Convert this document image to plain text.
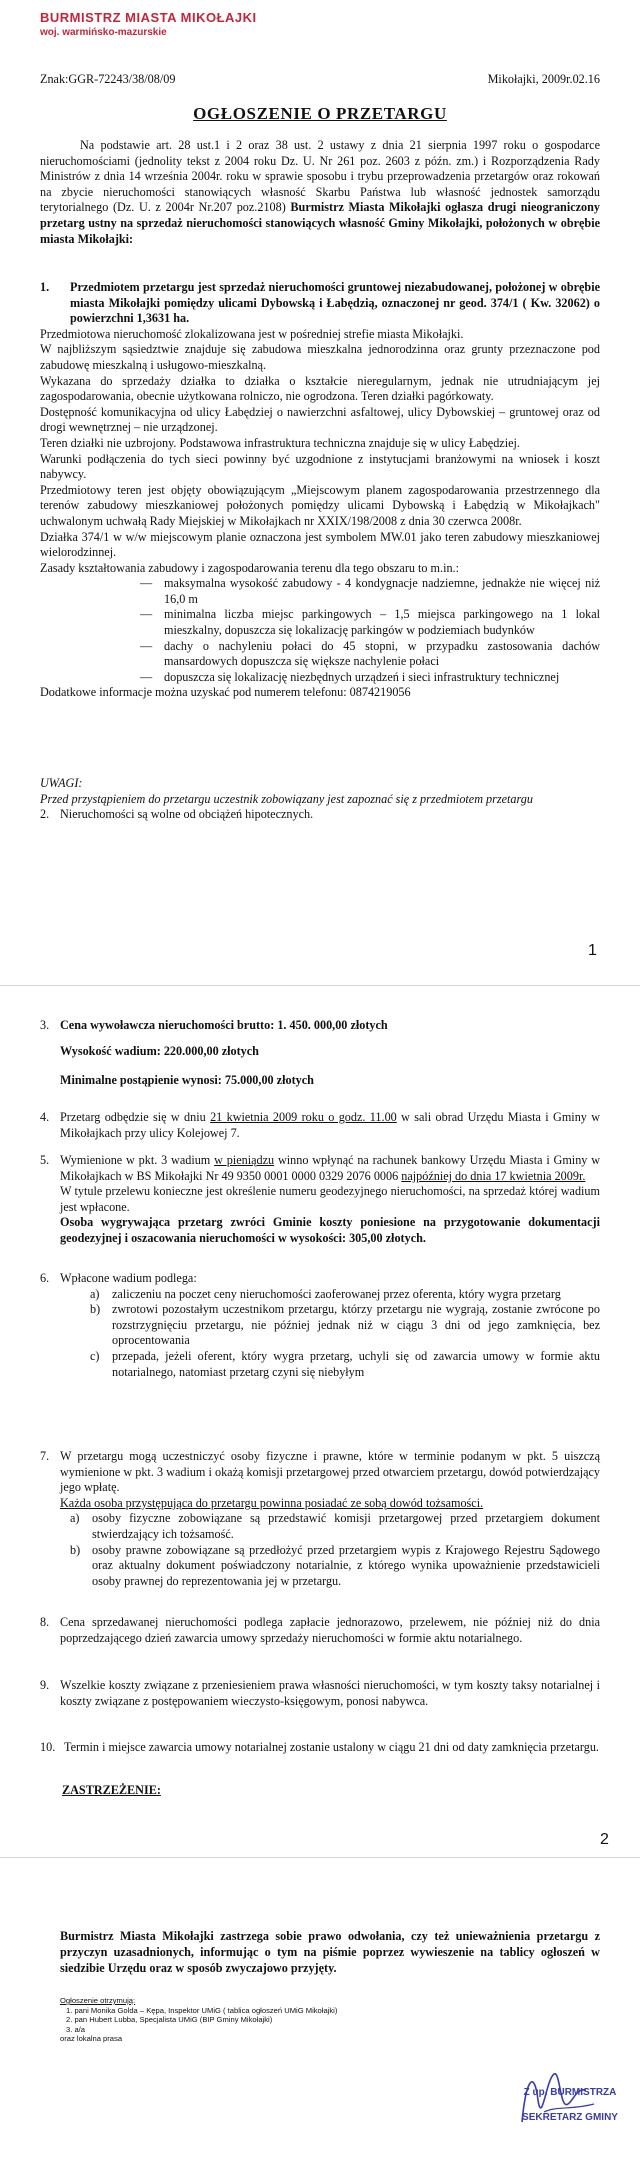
BURMISTRZ MIASTA MIKOŁAJKI
woj. warmińsko-mazurskie
Znak:GGR-72243/38/08/09	Mikołajki, 2009r.02.16
OGŁOSZENIE O PRZETARGU
Na podstawie art. 28 ust.1 i 2 oraz 38 ust. 2 ustawy z dnia 21 sierpnia 1997 roku o gospodarce nieruchomościami (jednolity tekst z 2004 roku Dz. U. Nr 261 poz. 2603 z późn. zm.) i Rozporządzenia Rady Ministrów z dnia 14 września 2004r. roku w sprawie sposobu i trybu przeprowadzenia przetargów oraz rokowań na zbycie nieruchomości stanowiących własność Skarbu Państwa lub własność jednostek samorządu terytorialnego (Dz. U. z 2004r Nr.207 poz.2108) Burmistrz Miasta Mikołajki ogłasza drugi nieograniczony przetarg ustny na sprzedaż nieruchomości stanowiących własność Gminy Mikołajki, położonych w obrębie miasta Mikołajki:
1. Przedmiotem przetargu jest sprzedaż nieruchomości gruntowej niezabudowanej, położonej w obrębie miasta Mikołajki pomiędzy ulicami Dybowską i Łabędzią, oznaczonej nr geod. 374/1 ( Kw. 32062) o powierzchni 1,3631 ha.
Przedmiotowa nieruchomość zlokalizowana jest w pośredniej strefie miasta Mikołajki.
W najbliższym sąsiedztwie znajduje się zabudowa mieszkalna jednorodzinna oraz grunty przeznaczone pod zabudowę mieszkalną i usługowo-mieszkalną.
Wykazana do sprzedaży działka to działka o kształcie nieregularnym, jednak nie utrudniającym jej zagospodarowania, obecnie użytkowana rolniczo, nie ogrodzona. Teren działki pagórkowaty.
Dostępność komunikacyjna od ulicy Łabędziej o nawierzchni asfaltowej, ulicy Dybowskiej – gruntowej oraz od drogi wewnętrznej – nie urządzonej.
Teren działki nie uzbrojony. Podstawowa infrastruktura techniczna znajduje się w ulicy Łabędziej.
Warunki podłączenia do tych sieci powinny być uzgodnione z instytucjami branżowymi na wniosek i koszt nabywcy.
Przedmiotowy teren jest objęty obowiązującym „Miejscowym planem zagospodarowania przestrzennego dla terenów zabudowy mieszkaniowej położonych pomiędzy ulicami Dybowską i Łabędzią w Mikołajkach" uchwalonym uchwałą Rady Miejskiej w Mikołajkach nr XXIX/198/2008 z dnia 30 czerwca 2008r.
Działka 374/1 w w/w miejscowym planie oznaczona jest symbolem MW.01 jako teren zabudowy mieszkaniowej wielorodzinnej.
Zasady kształtowania zabudowy i zagospodarowania terenu dla tego obszaru to m.in.:
— maksymalna wysokość zabudowy - 4 kondygnacje nadziemne, jednakże nie więcej niż 16,0 m
— minimalna liczba miejsc parkingowych – 1,5 miejsca parkingowego na 1 lokal mieszkalny, dopuszcza się lokalizację parkingów w podziemiach budynków
— dachy o nachyleniu połaci do 45 stopni, w przypadku zastosowania dachów mansardowych dopuszcza się większe nachylenie połaci
— dopuszcza się lokalizację niezbędnych urządzeń i sieci infrastruktury technicznej
Dodatkowe informacje można uzyskać pod numerem telefonu: 0874219056
UWAGI:
Przed przystąpieniem do przetargu uczestnik zobowiązany jest zapoznać się z przedmiotem przetargu
2. Nieruchomości są wolne od obciążeń hipotecznych.
1
3. Cena wywoławcza nieruchomości brutto: 1. 450. 000,00 złotych
Wysokość wadium: 220.000,00 złotych
Minimalne postąpienie wynosi: 75.000,00 złotych
4. Przetarg odbędzie się w dniu 21 kwietnia 2009 roku o godz. 11.00 w sali obrad Urzędu Miasta i Gminy w Mikołajkach przy ulicy Kolejowej 7.
5. Wymienione w pkt. 3 wadium w pieniądzu winno wpłynąć na rachunek bankowy Urzędu Miasta i Gminy w Mikołajkach w BS Mikołajki Nr 49 9350 0001 0000 0329 2076 0006 najpóźniej do dnia 17 kwietnia 2009r.
W tytule przelewu konieczne jest określenie numeru geodezyjnego nieruchomości, na sprzedaż której wadium jest wpłacone.
Osoba wygrywająca przetarg zwróci Gminie koszty poniesione na przygotowanie dokumentacji geodezyjnej i oszacowania nieruchomości w wysokości: 305,00 złotych.
6. Wpłacone wadium podlega:
a) zaliczeniu na poczet ceny nieruchomości zaoferowanej przez oferenta, który wygra przetarg
b) zwrotowi pozostałym uczestnikom przetargu, którzy przetargu nie wygrają, zostanie zwrócone po rozstrzygnięciu przetargu, nie później jednak niż w ciągu 3 dni od jego zamknięcia, bez oprocentowania
c) przepada, jeżeli oferent, który wygra przetarg, uchyli się od zawarcia umowy w formie aktu notarialnego, natomiast przetarg czyni się niebyłym
7. W przetargu mogą uczestniczyć osoby fizyczne i prawne, które w terminie podanym w pkt. 5 uiszczą wymienione w pkt. 3 wadium i okażą komisji przetargowej przed otwarciem przetargu, dowód potwierdzający jego wpłatę.
Każda osoba przystępująca do przetargu powinna posiadać ze sobą dowód tożsamości.
a) osoby fizyczne zobowiązane są przedstawić komisji przetargowej przed przetargiem dokument stwierdzający ich tożsamość.
b) osoby prawne zobowiązane są przedłożyć przed przetargiem wypis z Krajowego Rejestru Sądowego oraz aktualny dokument poświadczony notarialnie, z którego wynika upoważnienie przedstawicieli osoby prawnej do reprezentowania jej w przetargu.
8. Cena sprzedawanej nieruchomości podlega zapłacie jednorazowo, przelewem, nie później niż do dnia poprzedzającego dzień zawarcia umowy sprzedaży nieruchomości w formie aktu notarialnego.
9. Wszelkie koszty związane z przeniesieniem prawa własności nieruchomości, w tym koszty taksy notarialnej i koszty związane z postępowaniem wieczysto-księgowym, ponosi nabywca.
10. Termin i miejsce zawarcia umowy notarialnej zostanie ustalony w ciągu 21 dni od daty zamknięcia przetargu.
ZASTRZEŻENIE:
2
Burmistrz Miasta Mikołajki zastrzega sobie prawo odwołania, czy też unieważnienia przetargu z przyczyn uzasadnionych, informując o tym na piśmie poprzez wywieszenie na tablicy ogłoszeń w siedzibie Urzędu oraz w sposób zwyczajowo przyjęty.
Ogłoszenie otrzymują:
1. pani Monika Golda – Kępa, Inspektor UMiG ( tablica ogłoszeń UMiG Mikołajki)
2. pan Hubert Lubba, Specjalista UMiG (BIP Gminy Mikołajki)
3. a/a
oraz lokalna prasa
Z up. BURMISTRZA
SEKRETARZ GMINY
